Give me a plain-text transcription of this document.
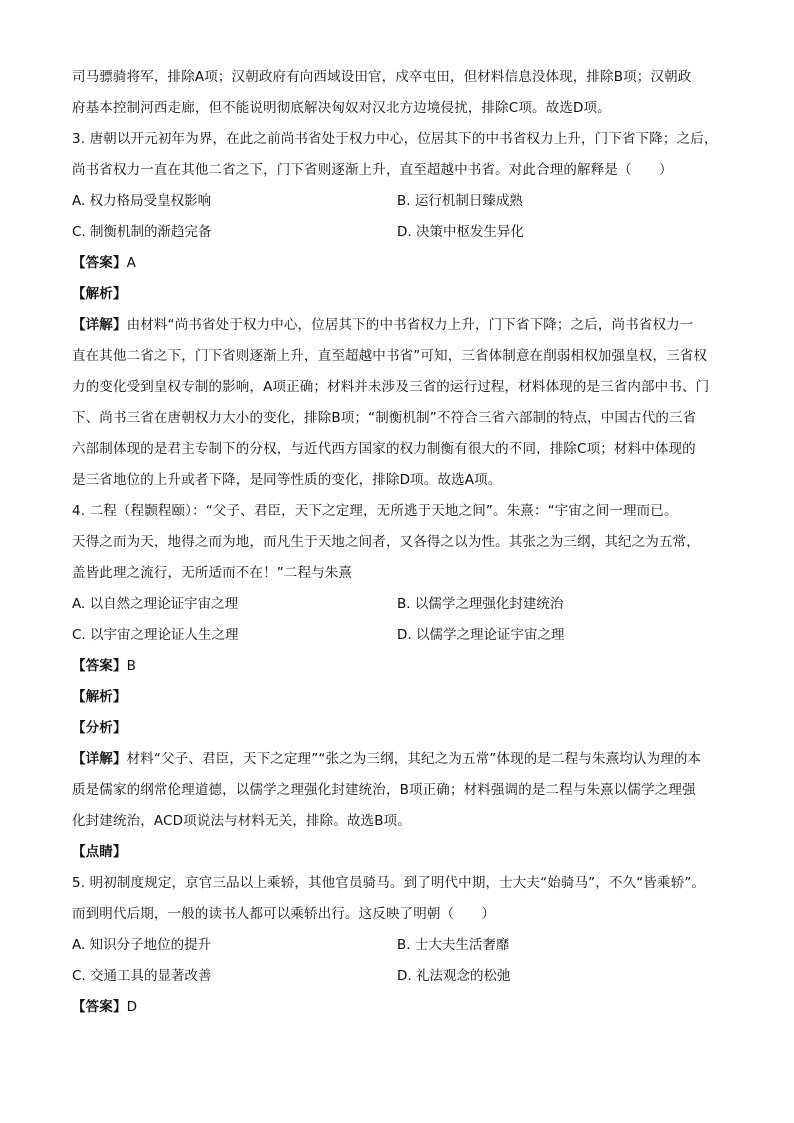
司马骠骑将军，排除A项；汉朝政府有向西域设田官，戍卒屯田，但材料信息没体现，排除B项；汉朝政
府基本控制河西走廊，但不能说明彻底解决匈奴对汉北方边境侵扰，排除C项。故选D项。
3. 唐朝以开元初年为界，在此之前尚书省处于权力中心，位居其下的中书省权力上升，门下省下降；之后，
尚书省权力一直在其他二省之下，门下省则逐渐上升，直至超越中书省。对此合理的解释是（　　）
A. 权力格局受皇权影响	B. 运行机制日臻成熟
C. 制衡机制的渐趋完备	D. 决策中枢发生异化
【答案】A
【解析】
【详解】由材料“尚书省处于权力中心，位居其下的中书省权力上升，门下省下降；之后，尚书省权力一
直在其他二省之下，门下省则逐渐上升，直至超越中书省”可知，三省体制意在削弱相权加强皇权，三省权
力的变化受到皇权专制的影响，A项正确；材料并未涉及三省的运行过程，材料体现的是三省内部中书、门
下、尚书三省在唐朝权力大小的变化，排除B项；“制衡机制”不符合三省六部制的特点，中国古代的三省
六部制体现的是君主专制下的分权，与近代西方国家的权力制衡有很大的不同，排除C项；材料中体现的
是三省地位的上升或者下降，是同等性质的变化，排除D项。故选A项。
4. 二程（程颢程颐）：“父子、君臣，天下之定理，无所逃于天地之间”。朱熹：“宇宙之间一理而已。
天得之而为天，地得之而为地，而凡生于天地之间者，又各得之以为性。其张之为三纲，其纪之为五常，
盖皆此理之流行，无所适而不在！”二程与朱熹
A. 以自然之理论证宇宙之理	B. 以儒学之理强化封建统治
C. 以宇宙之理论证人生之理	D. 以儒学之理论证宇宙之理
【答案】B
【解析】
【分析】
【详解】材料“父子、君臣，天下之定理”“张之为三纲，其纪之为五常”体现的是二程与朱熹均认为理的本
质是儒家的纲常伦理道德，以儒学之理强化封建统治，B项正确；材料强调的是二程与朱熹以儒学之理强
化封建统治，ACD项说法与材料无关，排除。故选B项。
【点睛】
5. 明初制度规定，京官三品以上乘轿，其他官员骑马。到了明代中期，士大夫“始骑马”，不久“皆乘轿”。
而到明代后期，一般的读书人都可以乘轿出行。这反映了明朝（　　）
A. 知识分子地位的提升	B. 士大夫生活奢靡
C. 交通工具的显著改善	D. 礼法观念的松弛
【答案】D
